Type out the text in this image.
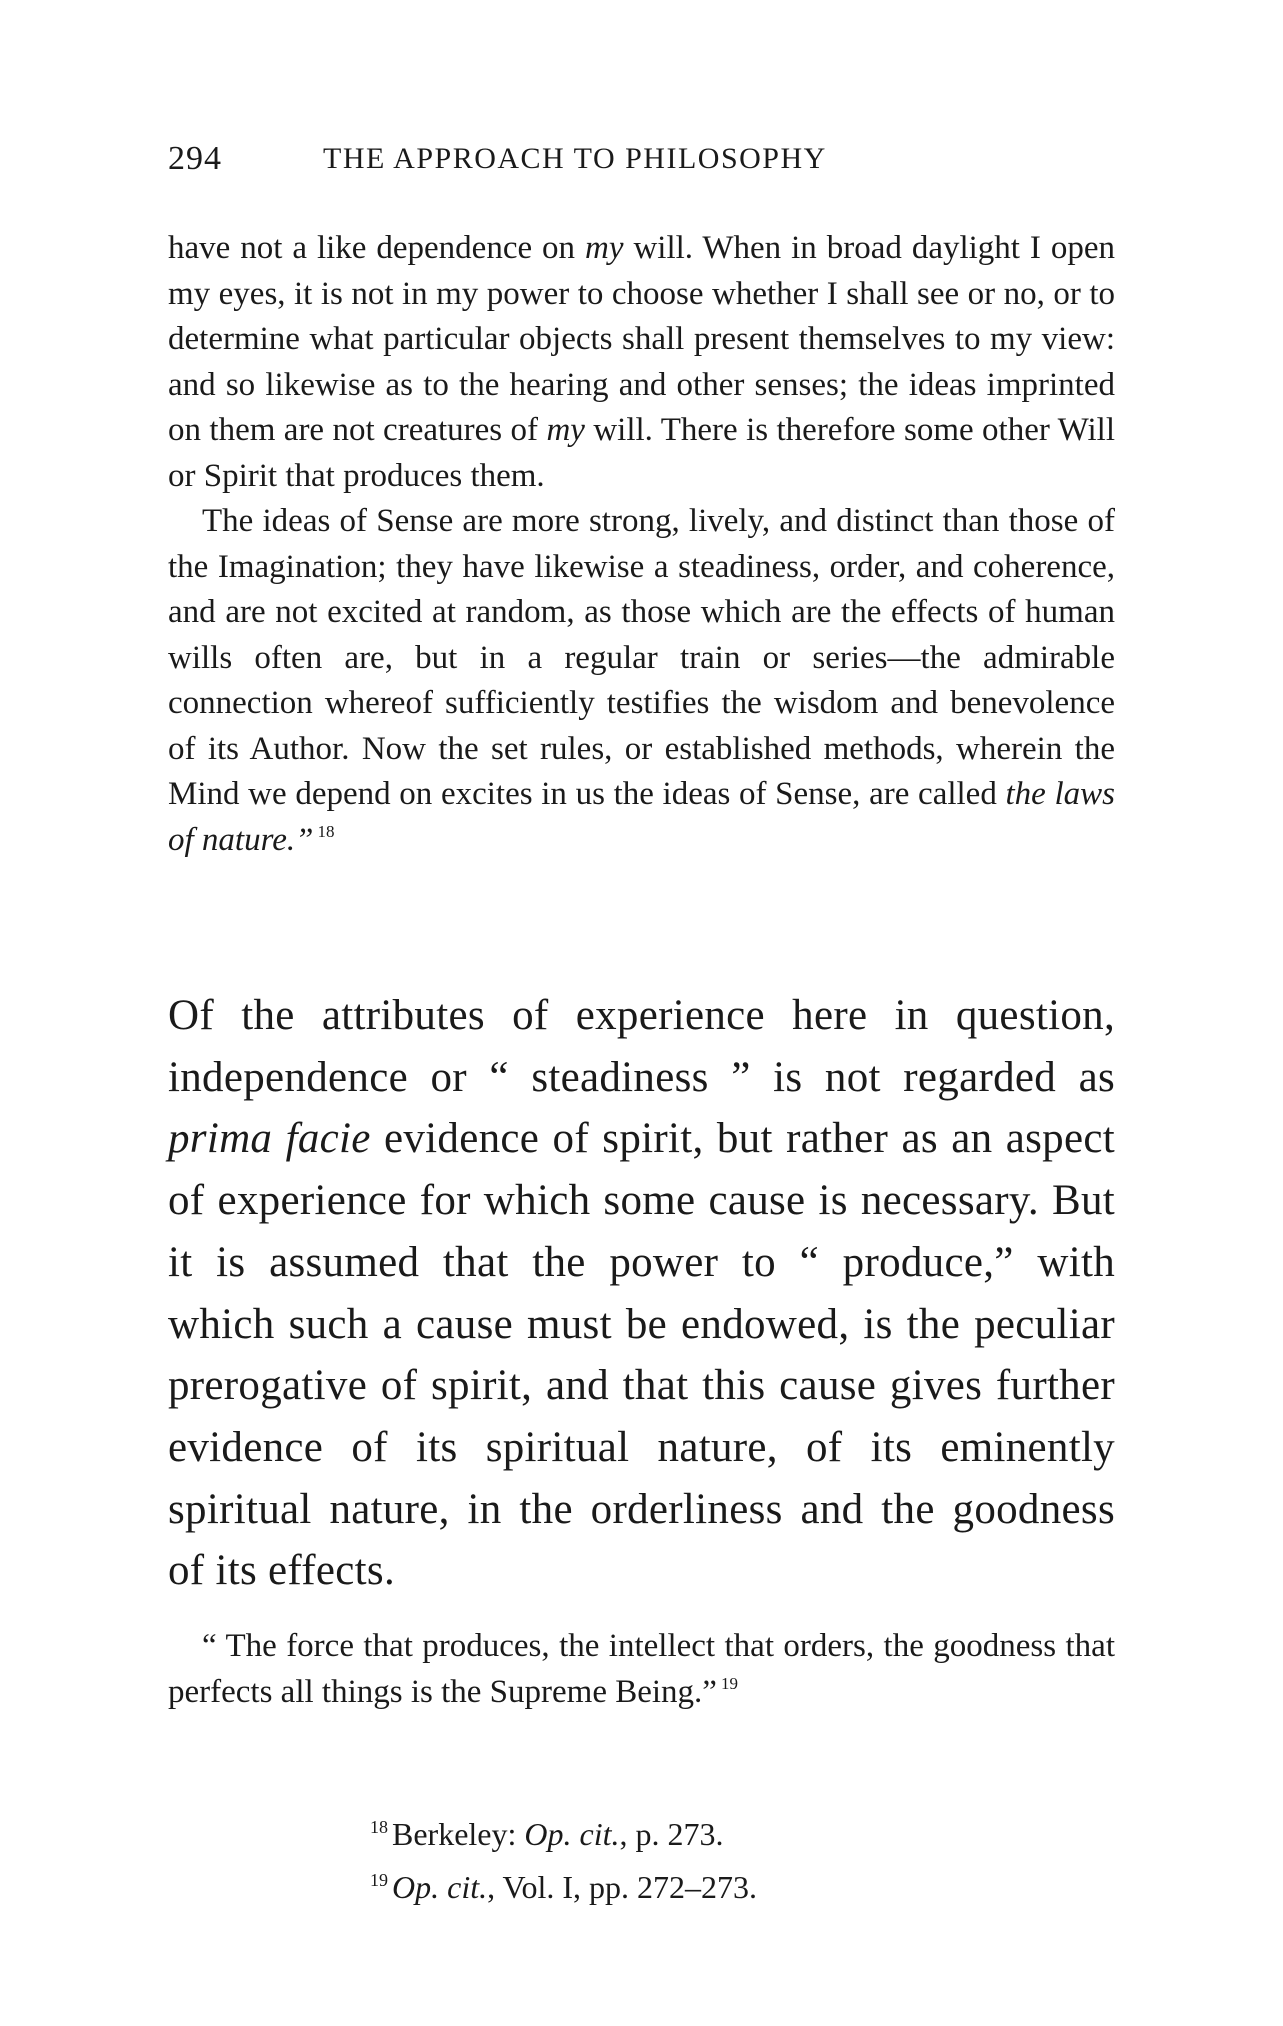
294	THE APPROACH TO PHILOSOPHY

have not a like dependence on my will. When in broad daylight I open my eyes, it is not in my power to choose whether I shall see or no, or to determine what particular objects shall present themselves to my view: and so likewise as to the hearing and other senses; the ideas imprinted on them are not creatures of my will. There is therefore some other Will or Spirit that produces them.

The ideas of Sense are more strong, lively, and distinct than those of the Imagination; they have likewise a steadiness, order, and coherence, and are not excited at random, as those which are the effects of human wills often are, but in a regular train or series—the admirable connection whereof sufficiently testifies the wisdom and benevolence of its Author. Now the set rules, or established methods, wherein the Mind we depend on excites in us the ideas of Sense, are called the laws of nature.” $^{18}$

Of the attributes of experience here in question, independence or “ steadiness ” is not regarded as prima facie evidence of spirit, but rather as an aspect of experience for which some cause is necessary. But it is assumed that the power to “ produce,” with which such a cause must be endowed, is the peculiar prerogative of spirit, and that this cause gives further evidence of its spiritual nature, of its eminently spiritual nature, in the orderliness and the goodness of its effects.

“ The force that produces, the intellect that orders, the goodness that perfects all things is the Supreme Being.” $^{19}$

$^{18}$ Berkeley: Op. cit., p. 273.
$^{19}$ Op. cit., Vol. I, pp. 272–273.
